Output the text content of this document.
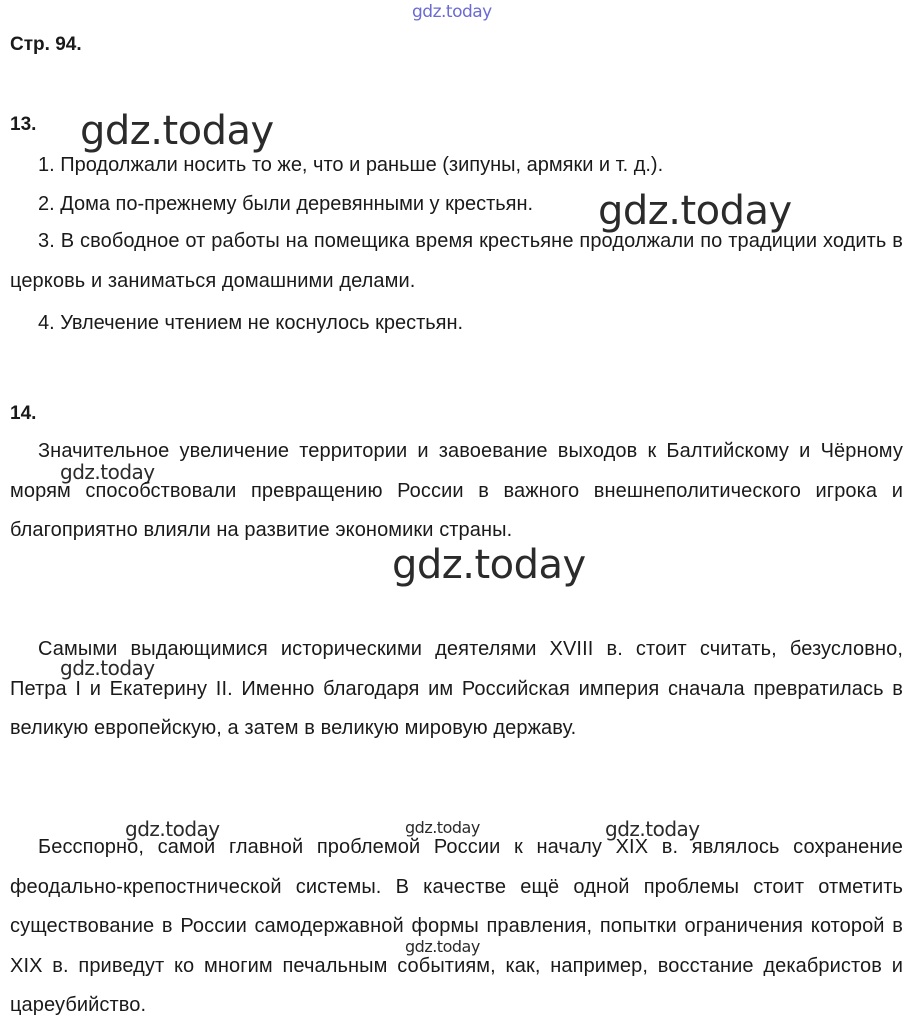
gdz.today
gdz.today
gdz.today
gdz.today
gdz.today
gdz.today
gdz.today	gdz.today	gdz.today
gdz.today
Стр. 94.
13.
1. Продолжали носить то же, что и раньше (зипуны, армяки и т. д.).
2. Дома по-прежнему были деревянными у крестьян.

3. В свободное от работы на помещика время крестьяне продолжали по традиции ходить в церковь и заниматься домашними делами.

4. Увлечение чтением не коснулось крестьян.
14.

Значительное увеличение территории и завоевание выходов к Балтийскому и Чёрному морям способствовали превращению России в важного внешнеполитического игрока и благоприятно влияли на развитие экономики страны.

Самыми выдающимися историческими деятелями XVIII в. стоит считать, безусловно, Петра I и Екатерину II. Именно благодаря им Российская империя сначала превратилась в великую европейскую, а затем в великую мировую державу.

Бесспорно, самой главной проблемой России к началу XIX в. являлось сохранение феодально-крепостнической системы. В качестве ещё одной проблемы стоит отметить существование в России самодержавной формы правления, попытки ограничения которой в XIX в. приведут ко многим печальным событиям, как, например, восстание декабристов и цареубийство.
